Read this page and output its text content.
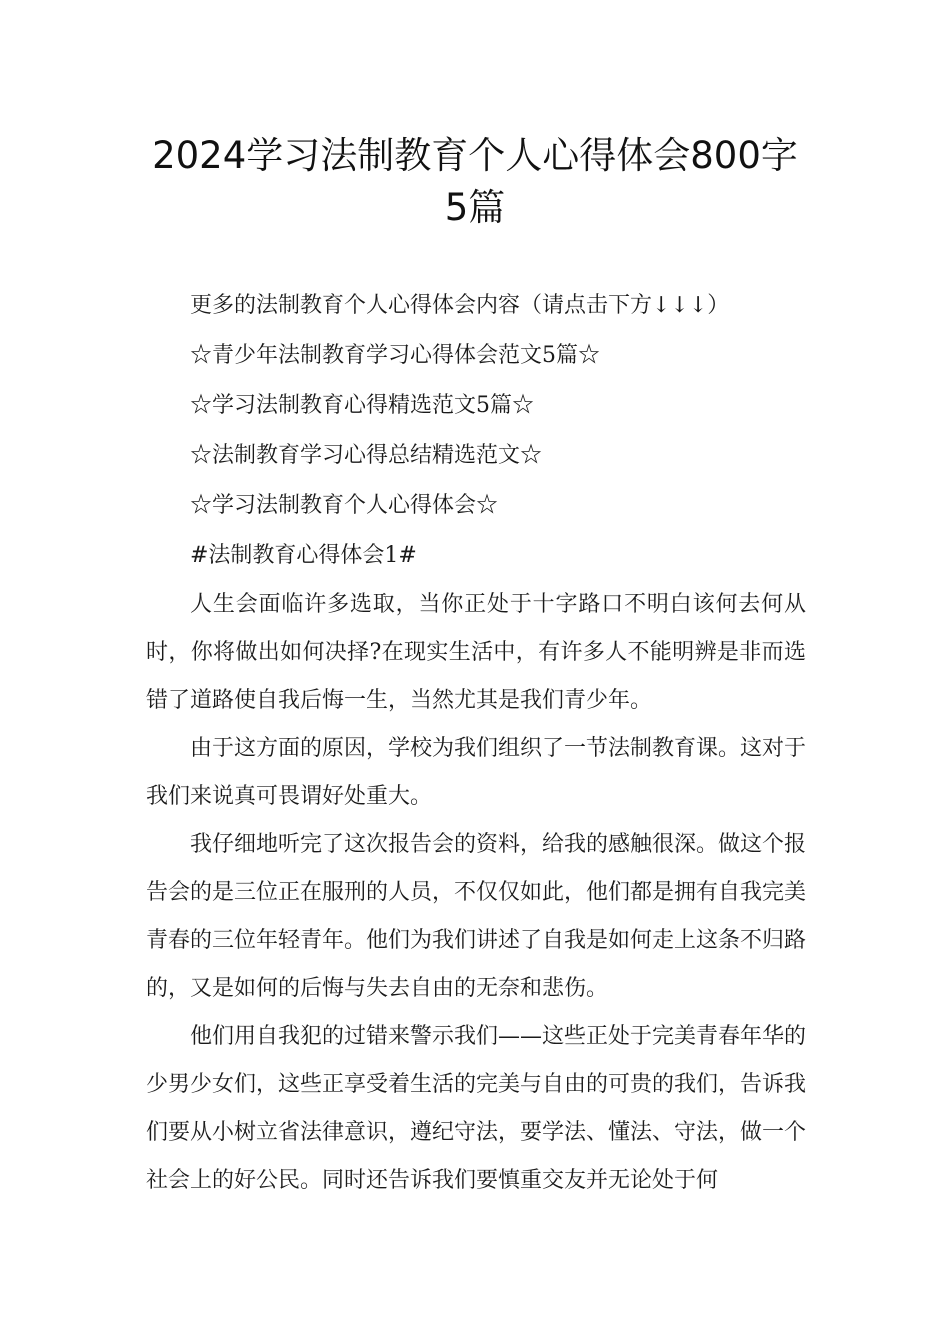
2024学习法制教育个人心得体会800字
5篇

更多的法制教育个人心得体会内容（请点击下方↓↓↓）

☆青少年法制教育学习心得体会范文5篇☆

☆学习法制教育心得精选范文5篇☆

☆法制教育学习心得总结精选范文☆

☆学习法制教育个人心得体会☆

#法制教育心得体会1#

人生会面临许多选取，当你正处于十字路口不明白该何去何从时，你将做出如何决择?在现实生活中，有许多人不能明辨是非而选错了道路使自我后悔一生，当然尤其是我们青少年。

由于这方面的原因，学校为我们组织了一节法制教育课。这对于我们来说真可畏谓好处重大。

我仔细地听完了这次报告会的资料，给我的感触很深。做这个报告会的是三位正在服刑的人员，不仅仅如此，他们都是拥有自我完美青春的三位年轻青年。他们为我们讲述了自我是如何走上这条不归路的，又是如何的后悔与失去自由的无奈和悲伤。

他们用自我犯的过错来警示我们——这些正处于完美青春年华的少男少女们，这些正享受着生活的完美与自由的可贵的我们，告诉我们要从小树立省法律意识，遵纪守法，要学法、懂法、守法，做一个社会上的好公民。同时还告诉我们要慎重交友并无论处于何
